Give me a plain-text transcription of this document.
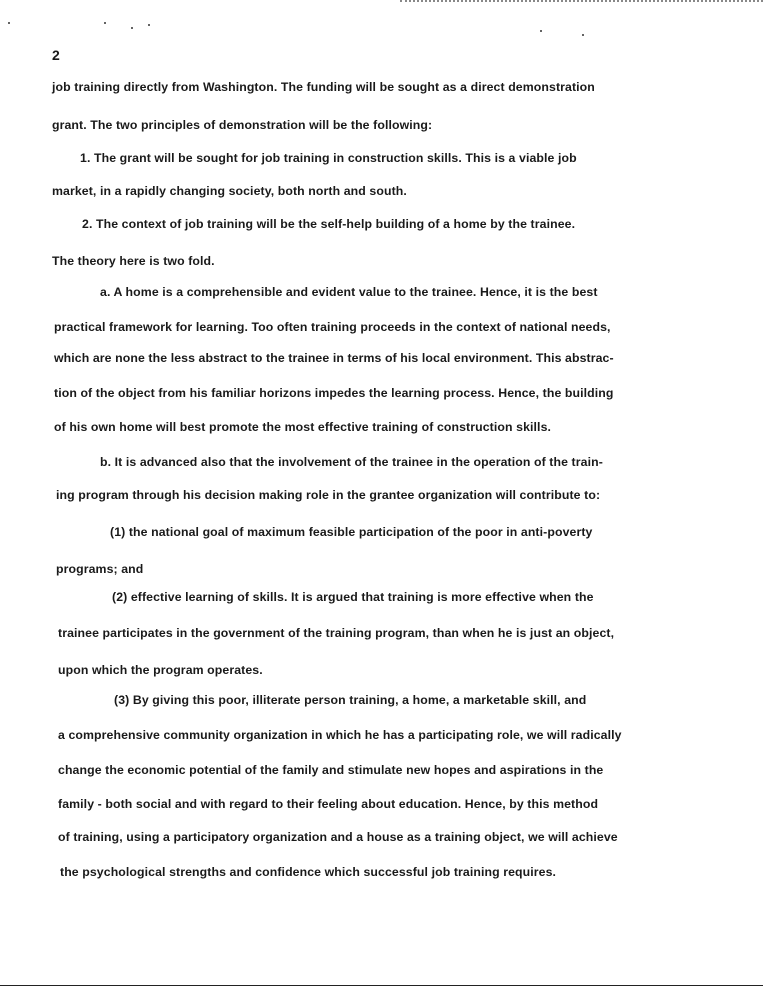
2
job training directly from Washington. The funding will be sought as a direct demonstration
grant. The two principles of demonstration will be the following:
1. The grant will be sought for job training in construction skills. This is a viable job
market, in a rapidly changing society, both north and south.
2. The context of job training will be the self-help building of a home by the trainee.
The theory here is two fold.
a. A home is a comprehensible and evident value to the trainee. Hence, it is the best
practical framework for learning. Too often training proceeds in the context of national needs,
which are none the less abstract to the trainee in terms of his local environment. This abstrac-
tion of the object from his familiar horizons impedes the learning process. Hence, the building
of his own home will best promote the most effective training of construction skills.
b. It is advanced also that the involvement of the trainee in the operation of the train-
ing program through his decision making role in the grantee organization will contribute to:
(1) the national goal of maximum feasible participation of the poor in anti-poverty
programs; and
(2) effective learning of skills. It is argued that training is more effective when the
trainee participates in the government of the training program, than when he is just an object,
upon which the program operates.
(3) By giving this poor, illiterate person training, a home, a marketable skill, and
a comprehensive community organization in which he has a participating role, we will radically
change the economic potential of the family and stimulate new hopes and aspirations in the
family - both social and with regard to their feeling about education. Hence, by this method
of training, using a participatory organization and a house as a training object, we will achieve
the psychological strengths and confidence which successful job training requires.
